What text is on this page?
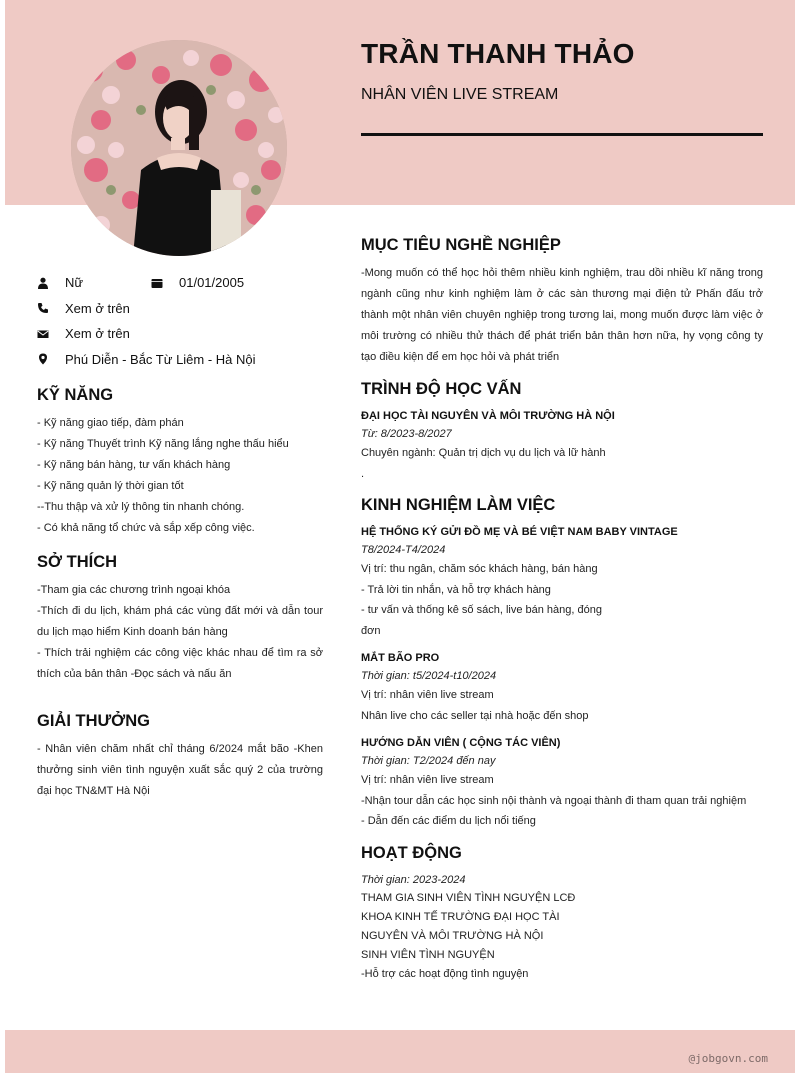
TRẦN THANH THẢO
NHÂN VIÊN LIVE STREAM
Nữ	01/01/2005
Xem ở trên
Xem ở trên
Phú Diễn - Bắc Từ Liêm - Hà Nội
KỸ NĂNG
- Kỹ năng giao tiếp, đàm phán
- Kỹ năng Thuyết trình Kỹ năng lắng nghe thấu hiểu
- Kỹ năng bán hàng, tư vấn khách hàng
- Kỹ năng quản lý thời gian tốt
--Thu thập và xử lý thông tin nhanh chóng.
- Có khả năng tổ chức và sắp xếp công việc.
SỞ THÍCH
-Tham gia các chương trình ngoại khóa
-Thích đi du lịch, khám phá các vùng đất mới và dẫn tour du lịch mạo hiểm Kinh doanh bán hàng
- Thích trải nghiệm các công việc khác nhau để tìm ra sở thích của bản thân -Đọc sách và nấu ăn
GIẢI THƯỞNG
- Nhân viên chăm nhất chỉ tháng 6/2024 mắt bão -Khen thưởng sinh viên tình nguyện xuất sắc quý 2 của trường đại học TN&MT Hà Nội
MỤC TIÊU NGHỀ NGHIỆP
-Mong muốn có thể học hỏi thêm nhiều kinh nghiệm, trau dồi nhiều kĩ năng trong ngành cũng như kinh nghiệm làm ở các sàn thương mại điện tử Phấn đấu trở thành một nhân viên chuyên nghiệp trong tương lai, mong muốn được làm việc ở môi trường có nhiều thử thách để phát triển bản thân hơn nữa, hy vọng công ty tạo điều kiện để em học hỏi và phát triển
TRÌNH ĐỘ HỌC VẤN
ĐẠI HỌC TÀI NGUYÊN VÀ MÔI TRƯỜNG HÀ NỘI
Từ: 8/2023-8/2027
Chuyên ngành: Quản trị dịch vụ du lịch và lữ hành
.
KINH NGHIỆM LÀM VIỆC
HỆ THỐNG KÝ GỬI ĐỒ MẸ VÀ BÉ VIỆT NAM BABY VINTAGE
T8/2024-T4/2024
Vị trí: thu ngân, chăm sóc khách hàng, bán hàng
- Trả lời tin nhắn, và hỗ trợ khách hàng
- tư vấn và thống kê số sách, live bán hàng, đóng
đơn
MẮT BÃO PRO
Thời gian: t5/2024-t10/2024
Vị trí: nhân viên live stream
Nhân live cho các seller tại nhà hoặc đến shop
HƯỚNG DẪN VIÊN ( CỘNG TÁC VIÊN)
Thời gian: T2/2024 đến nay
Vị trí: nhân viên live stream
-Nhận tour dẫn các học sinh nội thành và ngoại thành đi tham quan trải nghiệm
- Dẫn đến các điểm du lịch nổi tiếng
HOẠT ĐỘNG
Thời gian: 2023-2024
THAM GIA SINH VIÊN TÌNH NGUYỆN LCĐ
KHOA KINH TẾ TRƯỜNG ĐẠI HỌC TÀI
NGUYÊN VÀ MÔI TRƯỜNG HÀ NỘI
SINH VIÊN TÌNH NGUYỆN
-Hỗ trợ các hoạt động tình nguyện
@jobgovn.com
